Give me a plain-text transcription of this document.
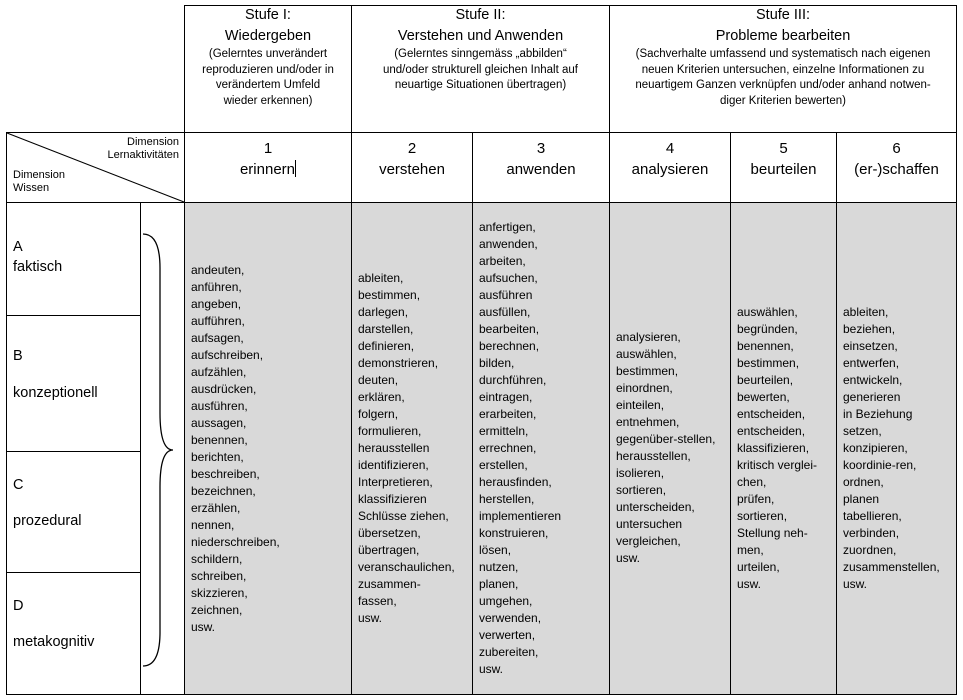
Stufe I:
Wiedergeben
(Gelerntes unverändert
reproduzieren und/oder in
verändertem Umfeld
wieder erkennen)
Stufe II:
Verstehen und Anwenden
(Gelerntes sinngemäss „abbilden“
und/oder strukturell gleichen Inhalt auf
neuartige Situationen übertragen)
Stufe III:
Probleme bearbeiten
(Sachverhalte umfassend und systematisch nach eigenen
neuen Kriterien untersuchen, einzelne Informationen zu
neuartigem Ganzen verknüpfen und/oder anhand notwen-
diger Kriterien bewerten)
Dimension
Lernaktivitäten
Dimension
Wissen
1
erinnern
2
verstehen
3
anwenden
4
analysieren
5
beurteilen
6
(er-)schaffen
A
faktisch
B
konzeptionell
C
prozedural
D
metakognitiv
andeuten,
anführen,
angeben,
aufführen,
aufsagen,
aufschreiben,
aufzählen,
ausdrücken,
ausführen,
aussagen,
benennen,
berichten,
beschreiben,
bezeichnen,
erzählen,
nennen,
niederschreiben,
schildern,
schreiben,
skizzieren,
zeichnen,
usw.
ableiten,
bestimmen,
darlegen,
darstellen,
definieren,
demonstrieren,
deuten,
erklären,
folgern,
formulieren,
herausstellen
identifizieren,
Interpretieren,
klassifizieren
Schlüsse ziehen,
übersetzen,
übertragen,
veranschaulichen,
zusammen-
fassen,
usw.
anfertigen,
anwenden,
arbeiten,
aufsuchen,
ausführen
ausfüllen,
bearbeiten,
berechnen,
bilden,
durchführen,
eintragen,
erarbeiten,
ermitteln,
errechnen,
erstellen,
herausfinden,
herstellen,
implementieren
konstruieren,
lösen,
nutzen,
planen,
umgehen,
verwenden,
verwerten,
zubereiten,
usw.
analysieren,
auswählen,
bestimmen,
einordnen,
einteilen,
entnehmen,
gegenüber-stellen,
herausstellen,
isolieren,
sortieren,
unterscheiden,
untersuchen
vergleichen,
usw.
auswählen,
begründen,
benennen,
bestimmen,
beurteilen,
bewerten,
entscheiden,
entscheiden,
klassifizieren,
kritisch verglei-
chen,
prüfen,
sortieren,
Stellung neh-
men,
urteilen,
usw.
ableiten,
beziehen,
einsetzen,
entwerfen,
entwickeln,
generieren
in Beziehung
setzen,
konzipieren,
koordinie-ren,
ordnen,
planen
tabellieren,
verbinden,
zuordnen,
zusammenstellen,
usw.
